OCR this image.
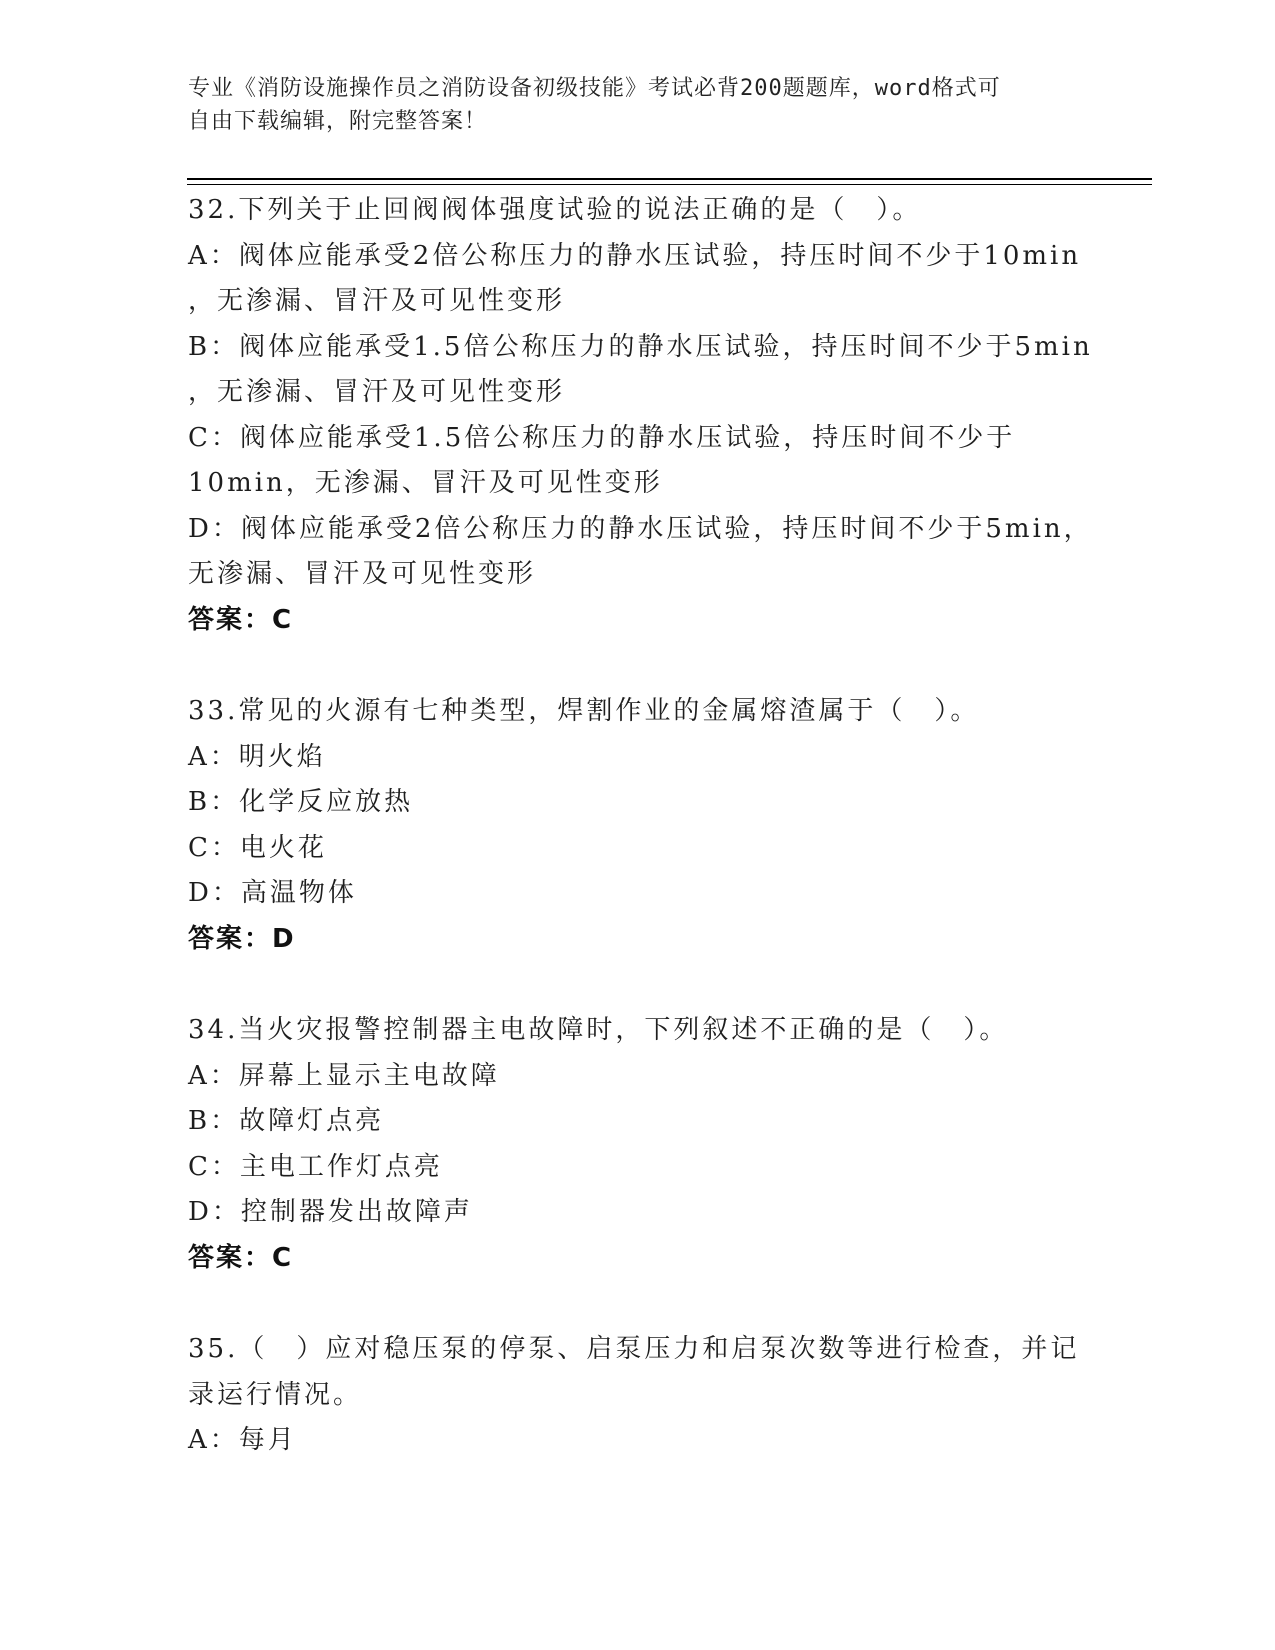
专业《消防设施操作员之消防设备初级技能》考试必背200题题库，word格式可
自由下载编辑，附完整答案！
32.下列关于止回阀阀体强度试验的说法正确的是（　）。
A：阀体应能承受2倍公称压力的静水压试验，持压时间不少于10min
，无渗漏、冒汗及可见性变形
B：阀体应能承受1.5倍公称压力的静水压试验，持压时间不少于5min
，无渗漏、冒汗及可见性变形
C：阀体应能承受1.5倍公称压力的静水压试验，持压时间不少于
10min，无渗漏、冒汗及可见性变形
D：阀体应能承受2倍公称压力的静水压试验，持压时间不少于5min，
无渗漏、冒汗及可见性变形
答案：C
33.常见的火源有七种类型，焊割作业的金属熔渣属于（　）。
A：明火焰
B：化学反应放热
C：电火花
D：高温物体
答案：D
34.当火灾报警控制器主电故障时，下列叙述不正确的是（　）。
A：屏幕上显示主电故障
B：故障灯点亮
C：主电工作灯点亮
D：控制器发出故障声
答案：C
35.（　）应对稳压泵的停泵、启泵压力和启泵次数等进行检查，并记
录运行情况。
A：每月
